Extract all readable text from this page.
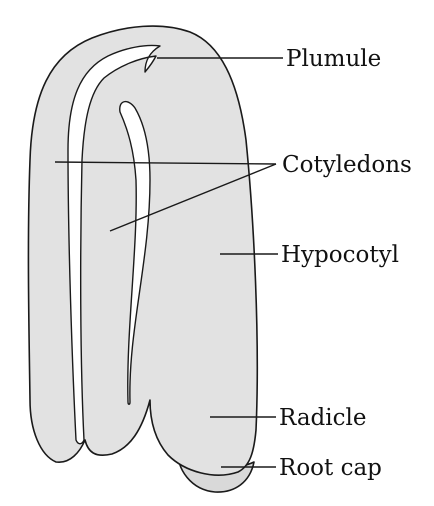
Plumule
Cotyledons
Hypocotyl
Radicle
Root cap
